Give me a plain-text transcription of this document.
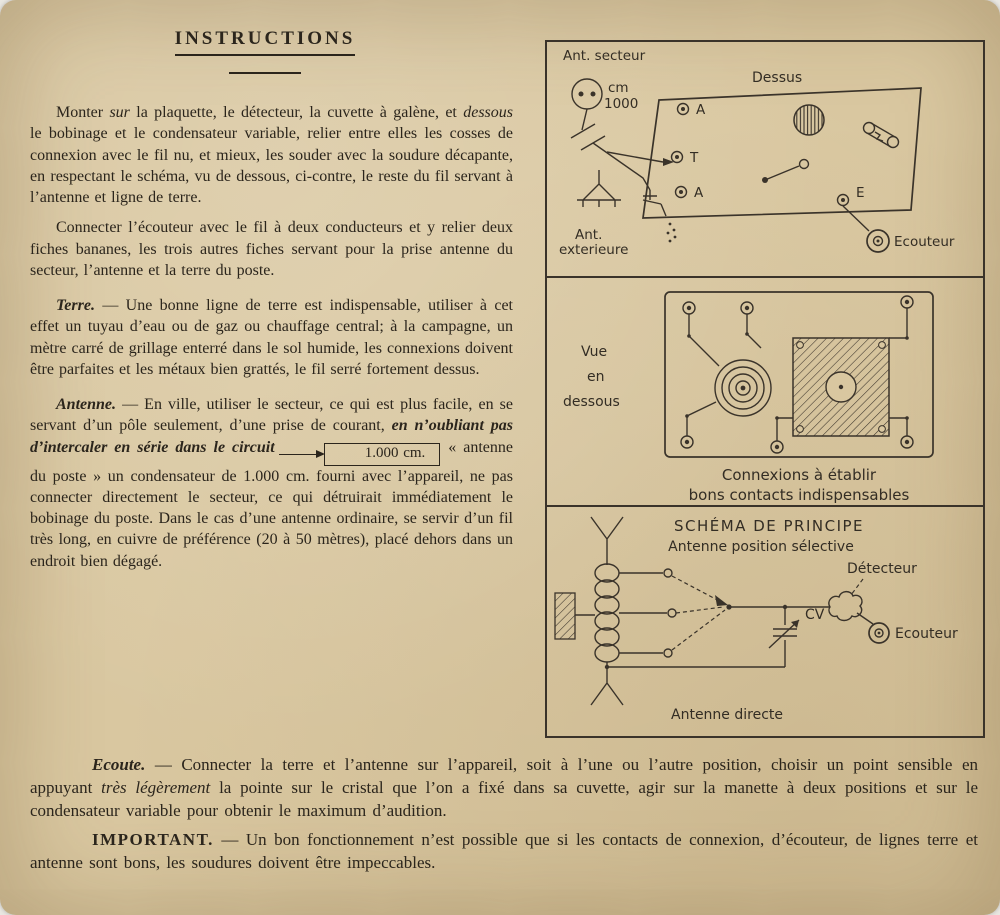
INSTRUCTIONS

Monter sur la plaquette, le détecteur, la cuvette à galène, et dessous le bobinage et le condensateur variable, relier entre elles les cosses de connexion avec le fil nu, et mieux, les souder avec la soudure décapante, en respectant le schéma, vu de dessous, ci-contre, le reste du fil servant à l’antenne et ligne de terre.

Connecter l’écouteur avec le fil à deux conducteurs et y relier deux fiches bananes, les trois autres fiches servant pour la prise antenne du secteur, l’antenne et la terre du poste.

Terre. — Une bonne ligne de terre est indispensable, utiliser à cet effet un tuyau d’eau ou de gaz ou chauffage central; à la campagne, un mètre carré de grillage enterré dans le sol humide, les connexions doivent être parfaites et les métaux bien grattés, le fil serré fortement dessus.

Antenne. — En ville, utiliser le secteur, ce qui est plus facile, en se servant d’un pôle seulement, d’une prise de courant, en n’oubliant pas d’intercaler en série dans le circuit	1.000 cm.	« antenne du poste » un condensateur de 1.000 cm. fourni avec l’appareil, ne pas connecter directement le secteur, ce qui détruirait immédiatement le bobinage du poste. Dans le cas d’une antenne ordinaire, se servir d’un fil très long, en cuivre de préférence (20 à 50 mètres), placé dehors dans un endroit bien dégagé.

Ant. secteur
cm
1000
Ant.
exterieure
Dessus
A
T
A	E
Ecouteur
Vue
en
dessous
Connexions à établir
bons contacts indispensables
SCHÉMA DE PRINCIPE
Antenne position sélective
CV
Détecteur
Ecouteur
Antenne directe

Ecoute. — Connecter la terre et l’antenne sur l’appareil, soit à l’une ou l’autre position, choisir un point sensible en appuyant très légèrement la pointe sur le cristal que l’on a fixé dans sa cuvette, agir sur la manette à deux positions et sur le condensateur variable pour obtenir le maximum d’audition.

IMPORTANT. — Un bon fonctionnement n’est possible que si les contacts de connexion, d’écouteur, de lignes terre et antenne sont bons, les soudures doivent être impeccables.
